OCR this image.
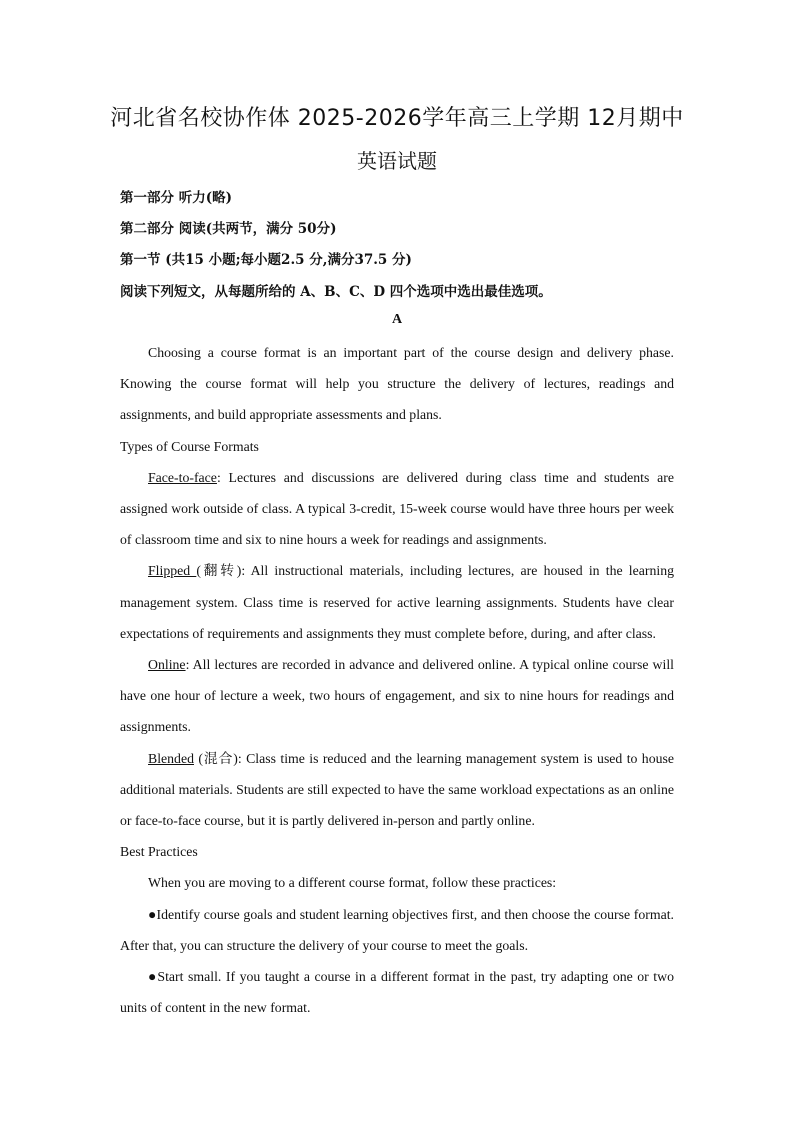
河北省名校协作体 2025-2026学年高三上学期 12月期中
英语试题
第一部分 听力(略)
第二部分 阅读(共两节，满分 50分)
第一节 (共15 小题;每小题2.5 分,满分37.5 分)
阅读下列短文，从每题所给的 A、B、C、D 四个选项中选出最佳选项。
A

Choosing a course format is an important part of the course design and delivery phase. Knowing the course format will help you structure the delivery of lectures, readings and assignments, and build appropriate assessments and plans.

Types of Course Formats

Face-to-face: Lectures and discussions are delivered during class time and students are assigned work outside of class. A typical 3-credit, 15-week course would have three hours per week of classroom time and six to nine hours a week for readings and assignments.

Flipped (翻转): All instructional materials, including lectures, are housed in the learning management system. Class time is reserved for active learning assignments. Students have clear expectations of requirements and assignments they must complete before, during, and after class.

Online: All lectures are recorded in advance and delivered online. A typical online course will have one hour of lecture a week, two hours of engagement, and six to nine hours for readings and assignments.

Blended (混合): Class time is reduced and the learning management system is used to house additional materials. Students are still expected to have the same workload expectations as an online or face-to-face course, but it is partly delivered in-person and partly online.

Best Practices

When you are moving to a different course format, follow these practices:

●Identify course goals and student learning objectives first, and then choose the course format. After that, you can structure the delivery of your course to meet the goals.

●Start small. If you taught a course in a different format in the past, try adapting one or two units of content in the new format.
